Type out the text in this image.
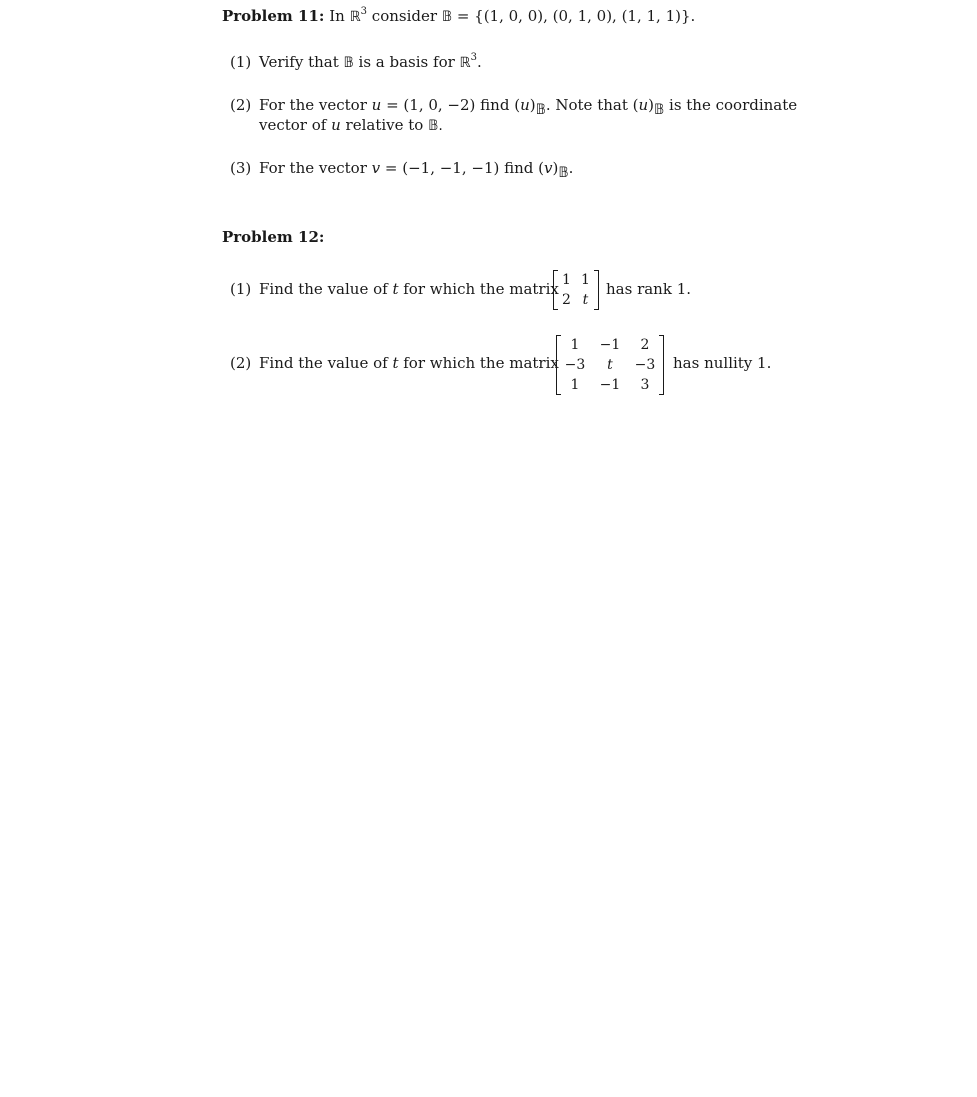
Problem 11: In ℝ$^3$ consider 𝔹 = {(1, 0, 0), (0, 1, 0), (1, 1, 1)}.
(1) Verify that 𝔹 is a basis for ℝ$^3$.
(2) For the vector u = (1, 0, −2) find $(u)_𝔹$. Note that $(u)_𝔹$ is the coordinate
vector of u relative to 𝔹.
(3) For the vector v = (−1, −1, −1) find $(v)_𝔹$.
Problem 12:
(1) Find the value of t for which the matrix 1	1
2	t
has rank 1.
(2) Find the value of t for which the matrix
1	−1	2
−3	t	−3
1	−1	3
has nullity 1.
